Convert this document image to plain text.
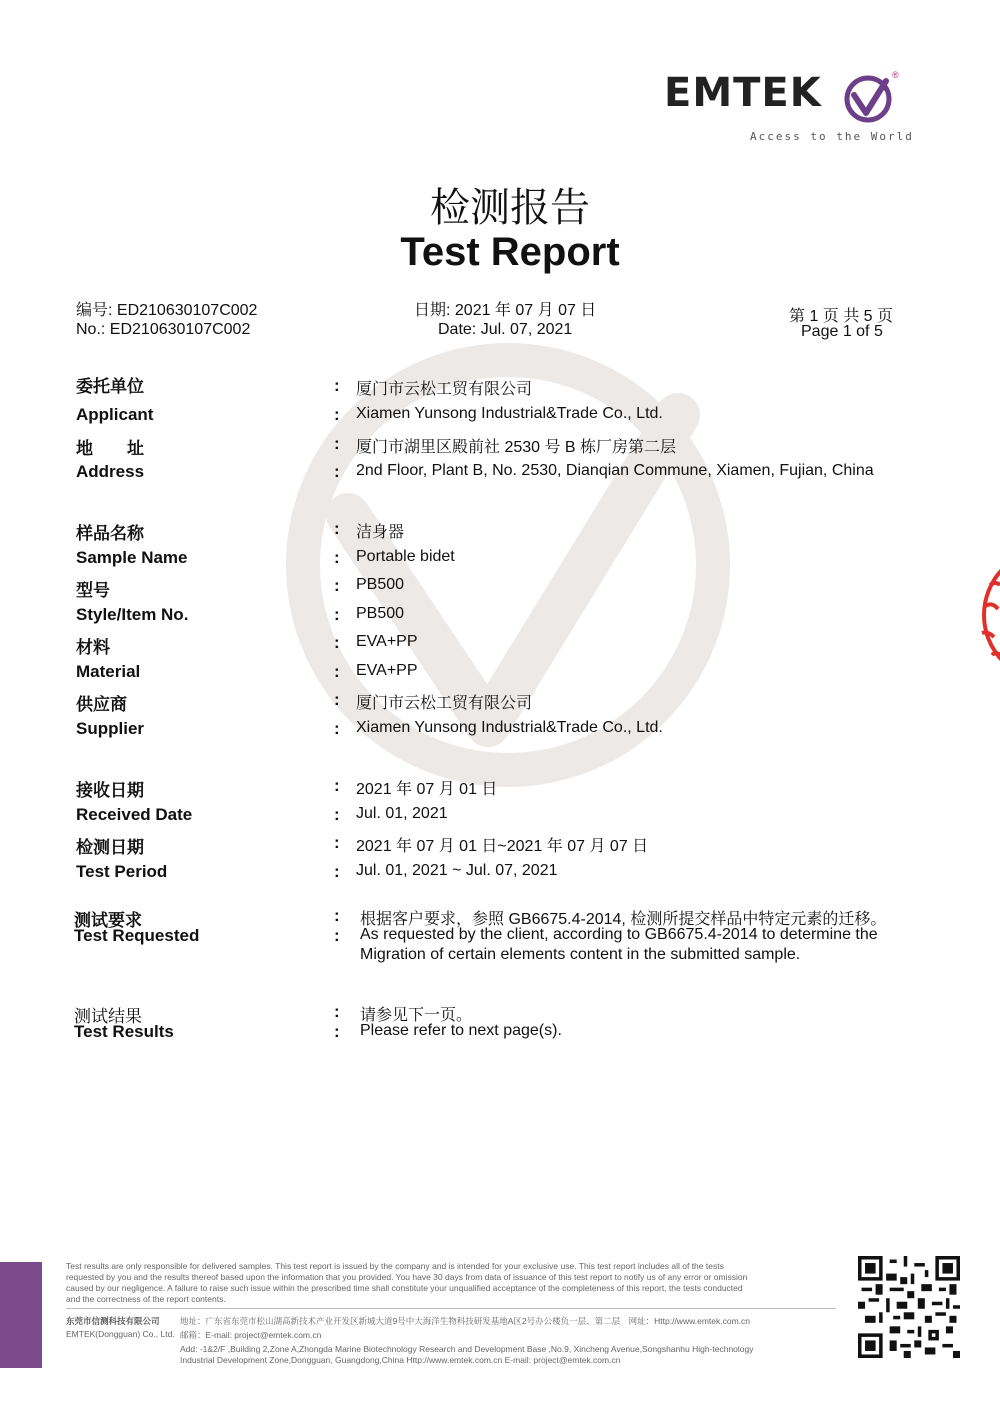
EMTEK	®
Access to the World
检测报告
Test Report
编号: ED210630107C002
No.: ED210630107C002
日期: 2021 年 07 月 07 日
Date: Jul. 07, 2021
第 1 页 共 5 页
Page 1 of 5
委托单位	: 厦门市云松工贸有限公司
Applicant	: Xiamen Yunsong Industrial&Trade Co., Ltd.
地　　址	: 厦门市湖里区殿前社 2530 号 B 栋厂房第二层
Address	: 2nd Floor, Plant B, No. 2530, Dianqian Commune, Xiamen, Fujian, China
样品名称	: 洁身器
Sample Name	: Portable bidet
型号	: PB500
Style/Item No.	: PB500
材料	: EVA+PP
Material	: EVA+PP
供应商	: 厦门市云松工贸有限公司
Supplier	: Xiamen Yunsong Industrial&Trade Co., Ltd.
接收日期	: 2021 年 07 月 01 日
Received Date	: Jul. 01, 2021
检测日期	: 2021 年 07 月 01 日~2021 年 07 月 07 日
Test Period	: Jul. 01, 2021 ~ Jul. 07, 2021
测试要求	: 根据客户要求，参照 GB6675.4-2014, 检测所提交样品中特定元素的迁移。
Test Requested	: As requested by the client, according to GB6675.4-2014 to determine the
Migration of certain elements content in the submitted sample.
测试结果	: 请参见下一页。
Test Results	: Please refer to next page(s).
Test results are only responsible for delivered samples. This test report is issued by the company and is intended for your exclusive use. This test report includes all of the tests
requested by you and the results thereof based upon the information that you provided. You have 30 days from data of issuance of this test report to notify us of any error or omission
caused by our negligence. A failure to raise such issue within the prescribed time shall constitute your unqualified acceptance of the completeness of this report, the tests conducted
and the correctness of the report contents.
东莞市信测科技有限公司
EMTEK(Dongguan) Co., Ltd.
地址：广东省东莞市松山湖高新技术产业开发区新城大道9号中大海洋生物科技研发基地A区2号办公楼负一层、第二层　网址：Http://www.emtek.com.cn
邮箱：E-mail: project@emtek.com.cn
Add: -1&2/F ,Building 2,Zone A,Zhongda Marine Biotechnology Research and Development Base ,No.9, Xincheng Avenue,Songshanhu High-technology
Industrial Development Zone,Dongguan, Guangdong,China Http://www.emtek.com.cn E-mail: project@emtek.com.cn
